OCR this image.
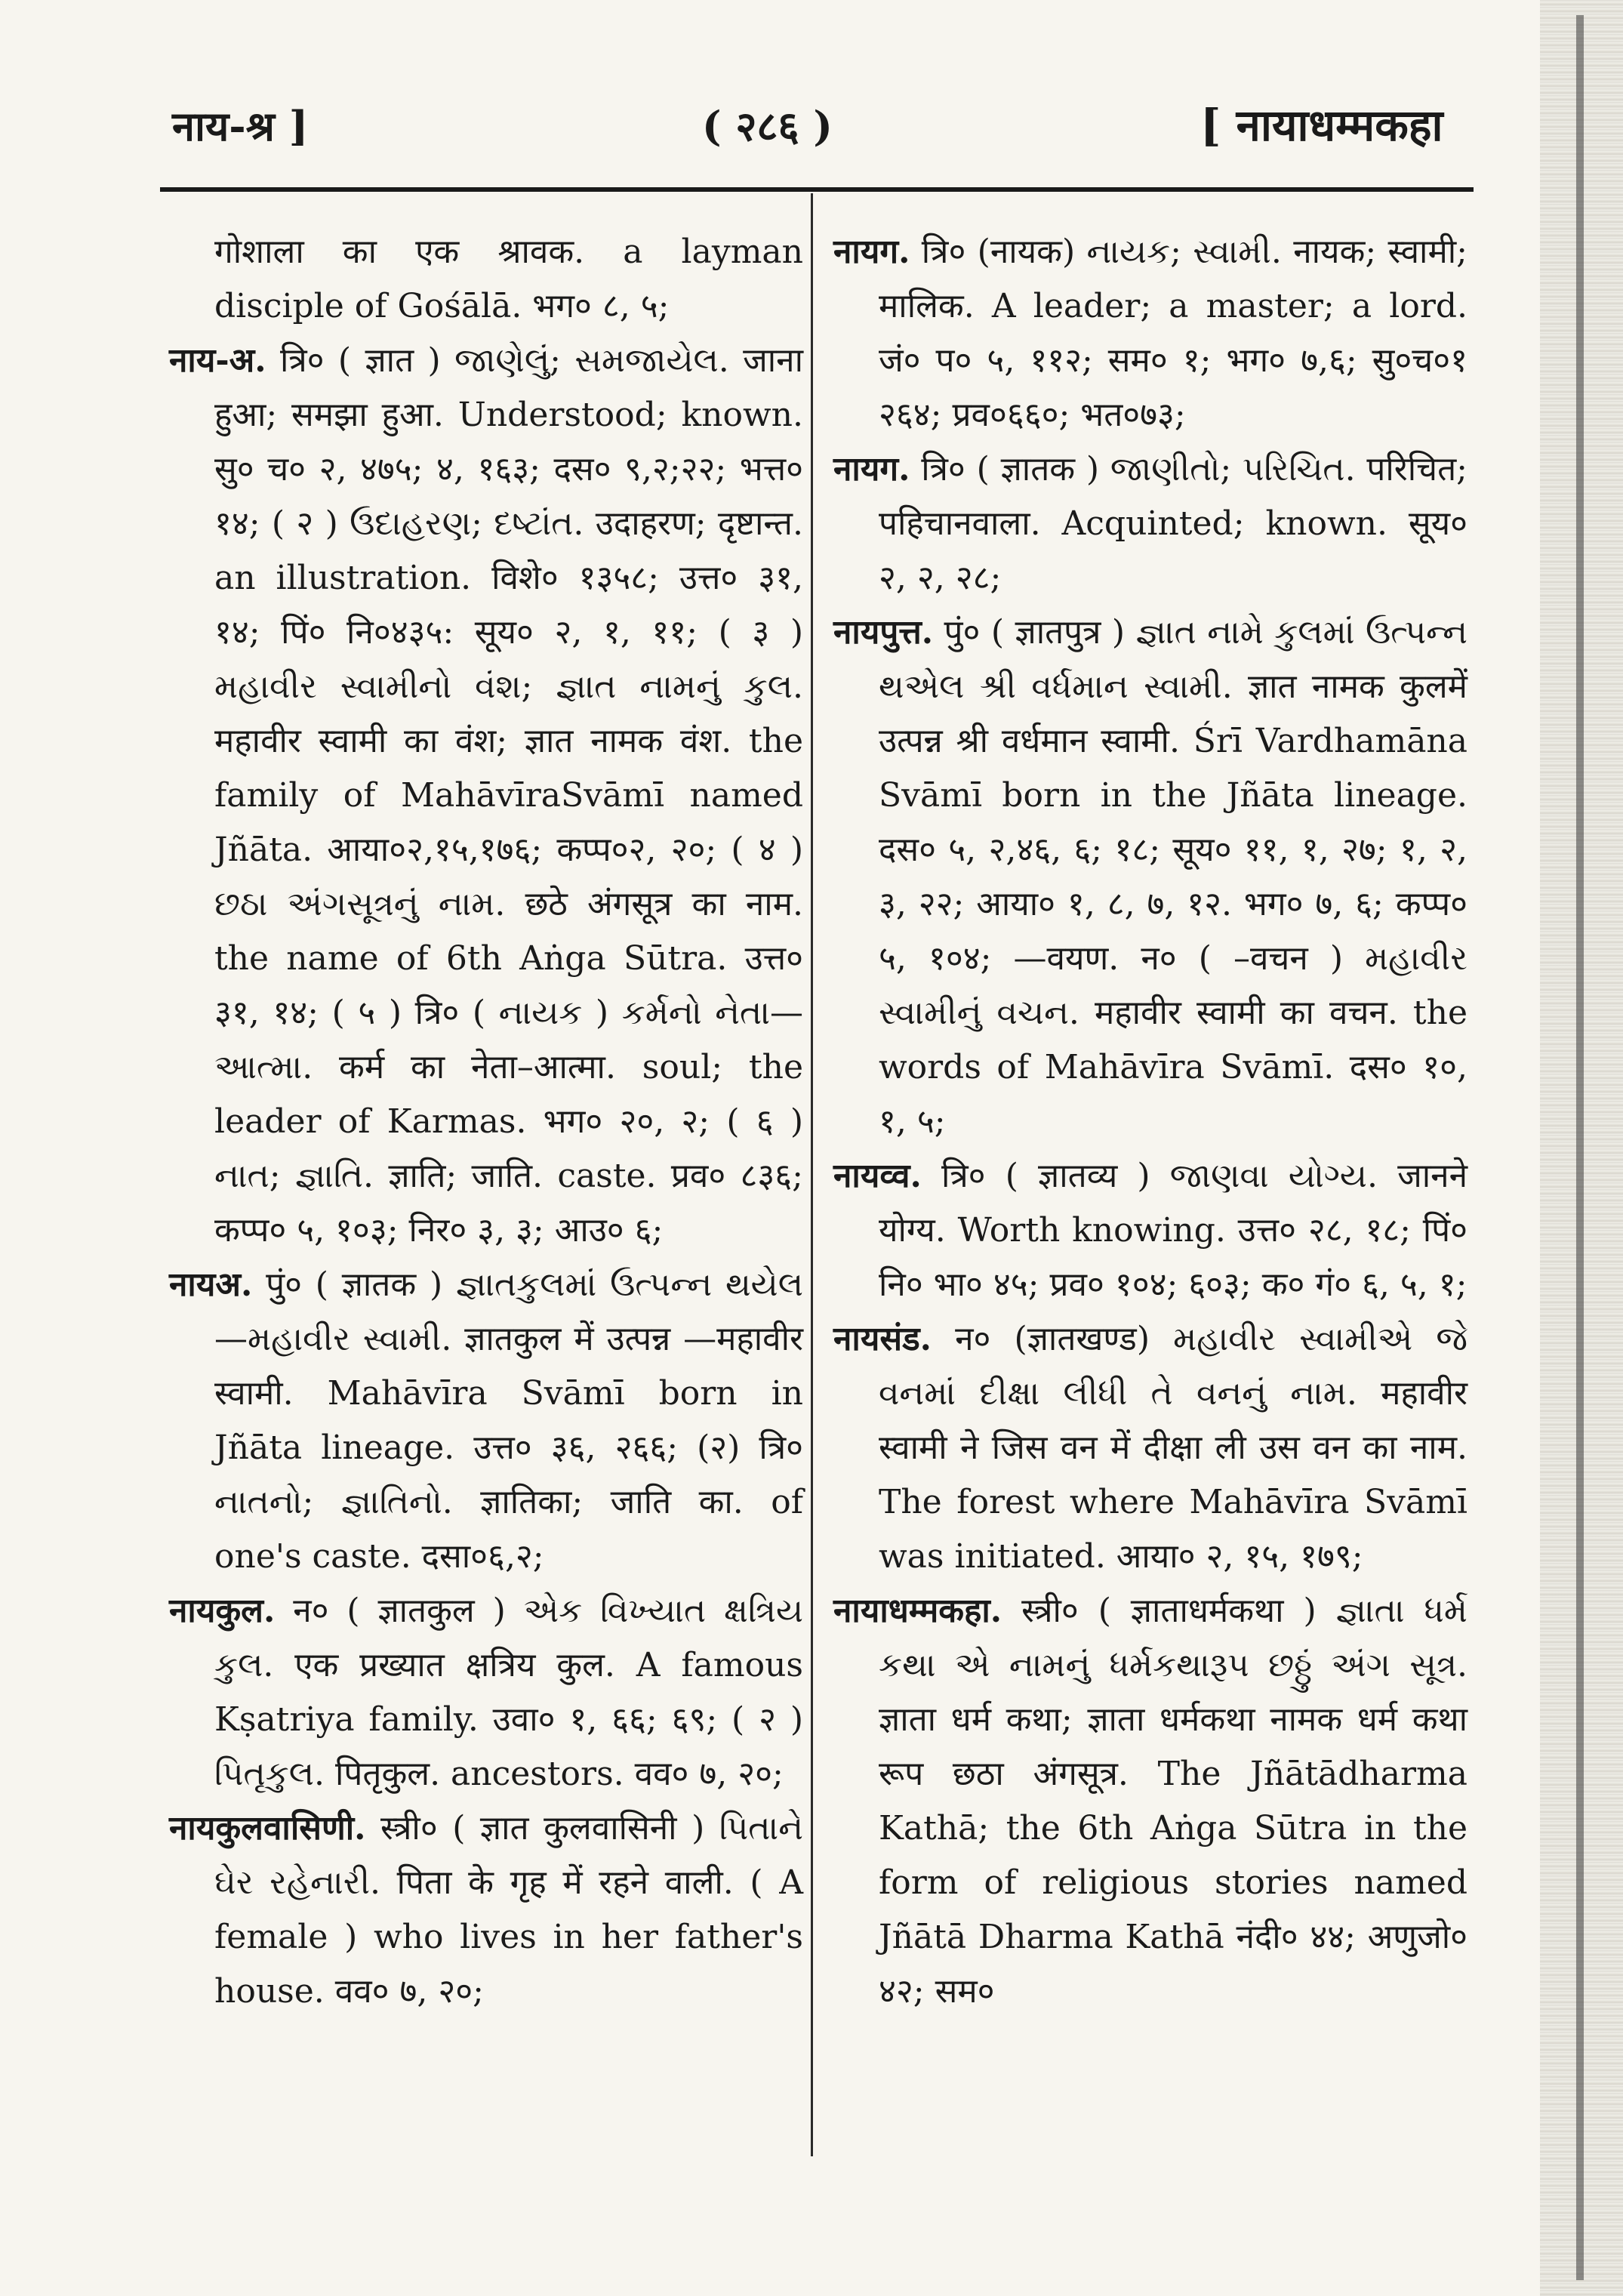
नाय-श्र ]	( २८६ )	[ नायाधम्मकहा

गोशाला का एक श्रावक. a layman disciple of Gośālā. भग० ८, ५;

नाय-अ. त्रि० ( ज्ञात ) જાણેલું; સમજાયેલ. जाना हुआ; समझा हुआ. Understood; known. सु० च० २, ४७५; ४, १६३; दस० ९,२;२२; भत्त० १४; ( २ ) ઉદાહરણ; દષ્ટાંત. उदाहरण; दृष्टान्त. an illustration. विशे० १३५८; उत्त० ३१, १४; पिं० नि०४३५: सूय० २, १, ११; ( ३ ) મહાવીર સ્વામીનો વંશ; જ્ઞાત નામનું કુલ. महावीर स्वामी का वंश; ज्ञात नामक वंश. the family of MahāvīraSvāmī named Jñāta. आया०२,१५,१७६; कप्प०२, २०; ( ४ ) છઠા અંગસૂત્રનું નામ. छठे अंगसूत्र का नाम. the name of 6th Aṅga Sūtra. उत्त० ३१, १४; ( ५ ) त्रि० ( નાયક ) કર્મનો નેતા—આત્મા. कर्म का नेता–आत्मा. soul; the leader of Karmas. भग० २०, २; ( ६ ) નાત; જ્ઞાતિ. ज्ञाति; जाति. caste. प्रव० ८३६; कप्प० ५, १०३; निर० ३, ३; आउ० ६;

नायअ. पुं० ( ज्ञातक ) જ્ઞાતકુલમાં ઉત્પન્ન થયેલ—મહાવીર સ્વામી. ज्ञातकुल में उत्पन्न —महावीर स्वामी. Mahāvīra Svāmī born in Jñāta lineage. उत्त० ३६, २६६; (२) त्रि० નાતનો; જ્ઞાતિનો. ज्ञातिका; जाति का. of one's caste. दसा०६,२;

नायकुल. न० ( ज्ञातकुल ) એક વિખ્યાત ક્ષત્રિય કુલ. एक प्रख्यात क्षत्रिय कुल. A famous Kṣatriya family. उवा० १, ६६; ६९; ( २ ) પિતૃકુલ. पितृकुल. ancestors. वव० ७, २०;

नायकुलवासिणी. स्त्री० ( ज्ञात कुलवासिनी ) પિતાને ઘેર રહેનારી. पिता के गृह में रहने वाली. ( A female ) who lives in her father's house. वव० ७, २०;

नायग. त्रि० (नायक) નાયક; સ્વામી. नायक; स्वामी; मालिक. A leader; a master; a lord. जं० प० ५, ११२; सम० १; भग० ७,६; सु०च०१ २६४; प्रव०६६०; भत०७३;

नायग. त्रि० ( ज्ञातक ) જાણીતો; પરિચિત. परिचित; पहिचानवाला. Acquinted; known. सूय० २, २, २८;

नायपुत्त. पुं० ( ज्ञातपुत्र ) જ્ઞાત નામે કુલમાં ઉત્પન્ન થએલ શ્રી વર્ધમાન સ્વામી. ज्ञात नामक कुलमें उत्पन्न श्री वर्धमान स्वामी. Śrī Vardhamāna Svāmī born in the Jñāta lineage. दस० ५, २,४६, ६; १८; सूय० ११, १, २७; १, २, ३, २२; आया० १, ८, ७, १२. भग० ७, ६; कप्प० ५, १०४; —वयण. न० ( –वचन ) મહાવીર સ્વામીનું વચન. महावीर स्वामी का वचन. the words of Mahāvīra Svāmī. दस० १०, १, ५;

नायव्व. त्रि० ( ज्ञातव्य ) જાણવા યોગ્ય. जानने योग्य. Worth knowing. उत्त० २८, १८; पिं० नि० भा० ४५; प्रव० १०४; ६०३; क० गं० ६, ५, १;

नायसंड. न० (ज्ञातखण्ड) મહાવીર સ્વામીએ જે વનમાં દીક્ષા લીધી તે વનનું નામ. महावीर स्वामी ने जिस वन में दीक्षा ली उस वन का नाम. The forest where Mahāvīra Svāmī was initiated. आया० २, १५, १७९;

नायाधम्मकहा. स्त्री० ( ज्ञाताधर्मकथा ) જ્ઞાતા ધર્મ કથા એ નામનું ધર્મકથારૂપ છઠ્ઠું અંગ સૂત્ર. ज्ञाता धर्म कथा; ज्ञाता धर्मकथा नामक धर्म कथा रूप छठा अंगसूत्र. The Jñātādharma Kathā; the 6th Aṅga Sūtra in the form of religious stories named Jñātā Dharma Kathā नंदी० ४४; अणुजो० ४२; सम०
